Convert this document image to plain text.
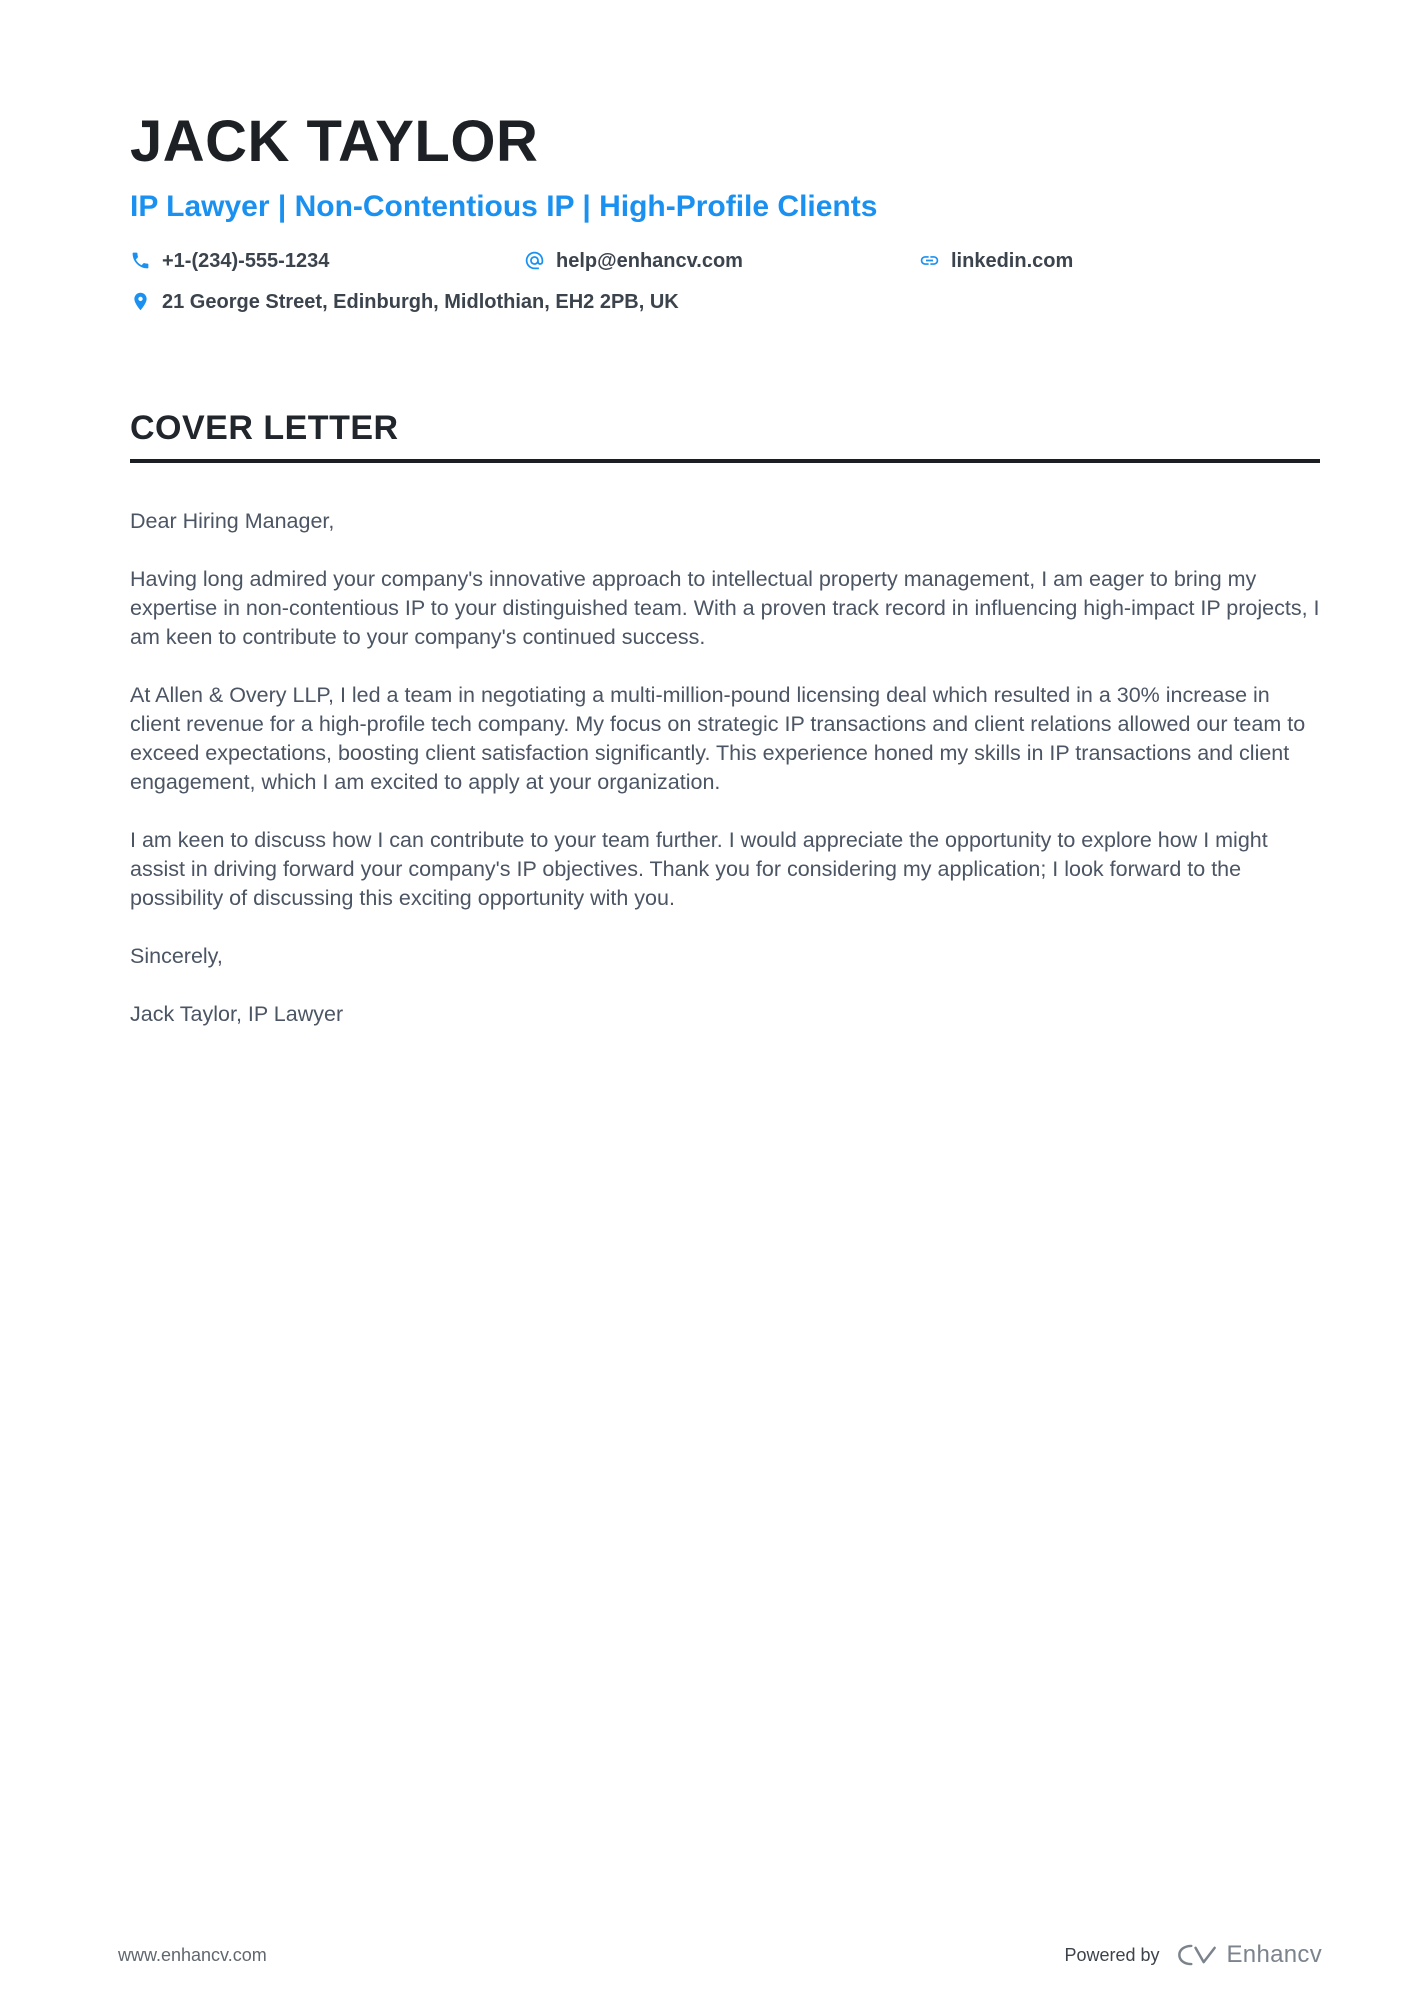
JACK TAYLOR
IP Lawyer | Non-Contentious IP | High-Profile Clients
+1-(234)-555-1234	help@enhancv.com	linkedin.com
21 George Street, Edinburgh, Midlothian, EH2 2PB, UK
COVER LETTER

Dear Hiring Manager,

Having long admired your company's innovative approach to intellectual property management, I am eager to bring my expertise in non-contentious IP to your distinguished team. With a proven track record in influencing high-impact IP projects, I am keen to contribute to your company's continued success.

At Allen & Overy LLP, I led a team in negotiating a multi-million-pound licensing deal which resulted in a 30% increase in client revenue for a high-profile tech company. My focus on strategic IP transactions and client relations allowed our team to exceed expectations, boosting client satisfaction significantly. This experience honed my skills in IP transactions and client engagement, which I am excited to apply at your organization.

I am keen to discuss how I can contribute to your team further. I would appreciate the opportunity to explore how I might assist in driving forward your company's IP objectives. Thank you for considering my application; I look forward to the possibility of discussing this exciting opportunity with you.

Sincerely,

Jack Taylor, IP Lawyer

www.enhancv.com	Powered by	Enhancv
